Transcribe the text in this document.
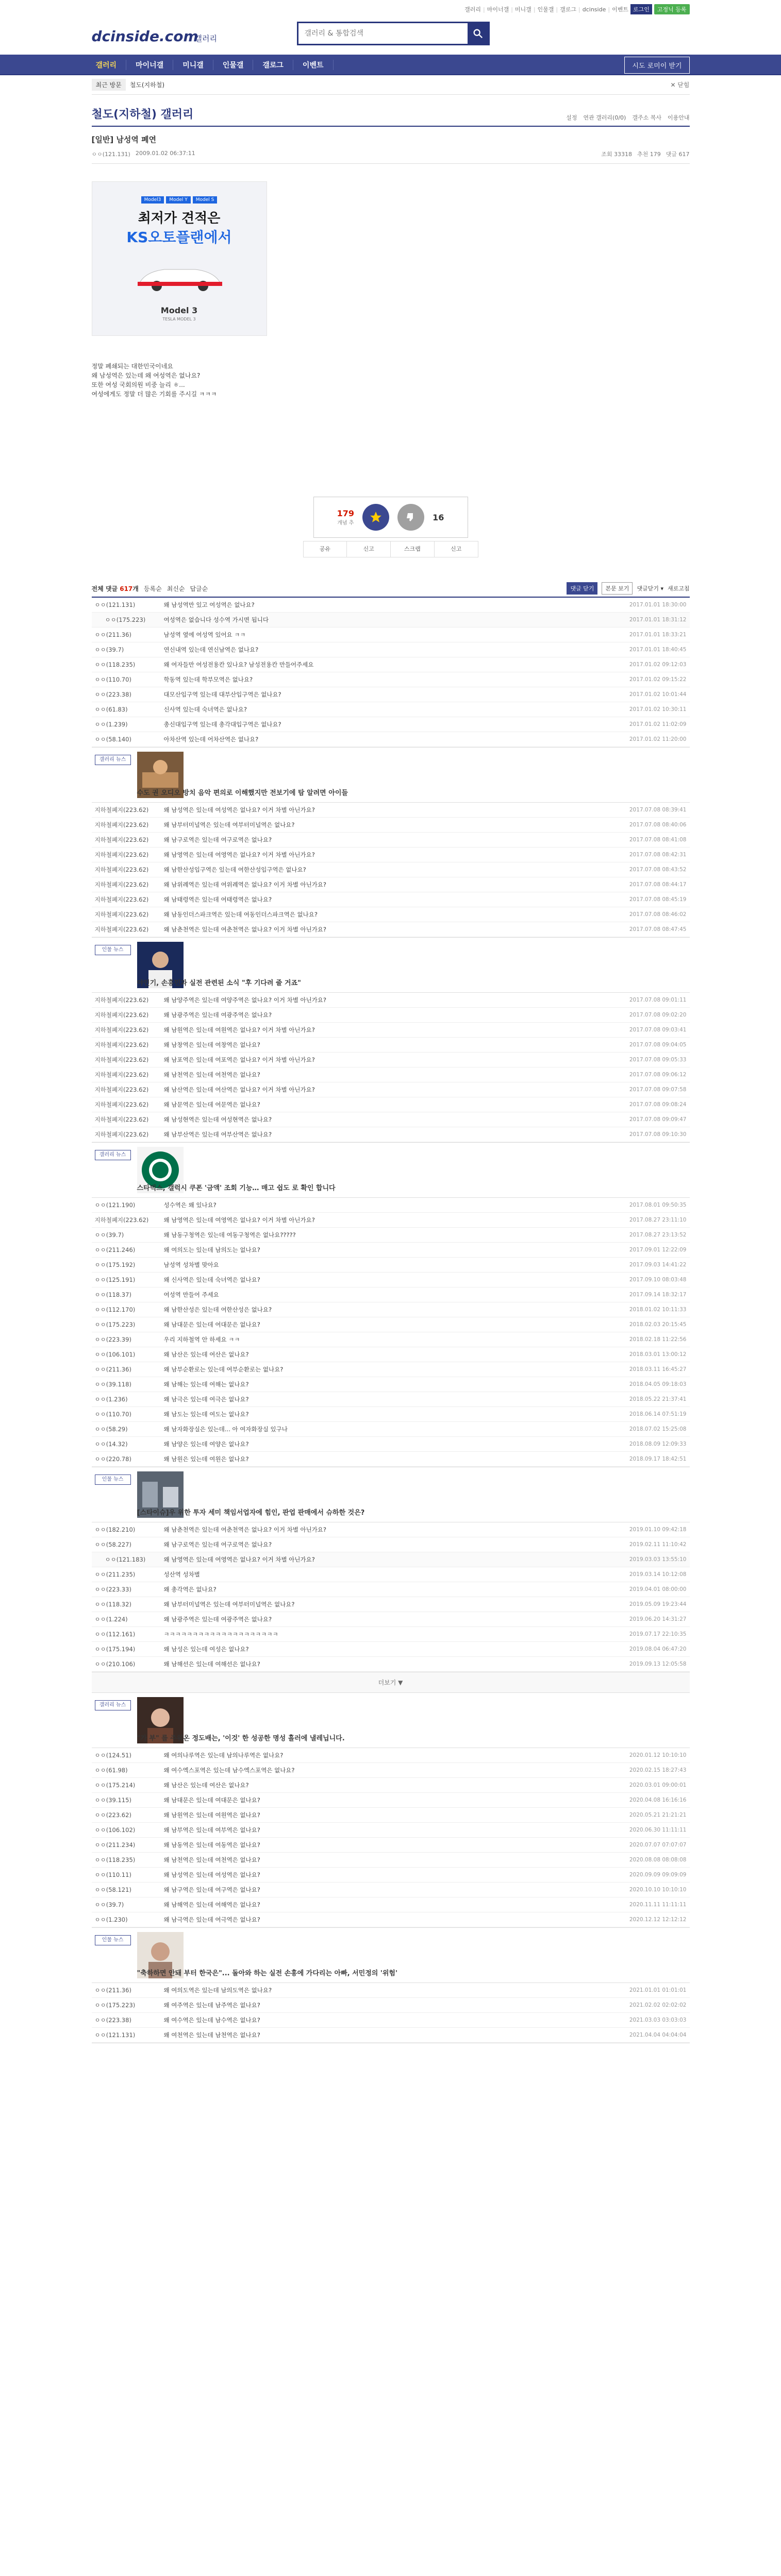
갤러리 | 마이너갤 | 미니갤 | 인물갤 | 갤로그 | dcinside | 이벤트 로그인	고정닉 등록
dcinside.com
갤러리
갤러리 & 통합검색
갤러리	마이너갤	미니갤	인물갤	갤로그	이벤트	시도 로미이 받기
최근 방문	철도(지하철)	✕ 닫힘
철도(지하철) 갤러리	설정 연관 갤러리(0/0) 갤주소 복사 이용안내
[일반] 남성역 폐연
ㅇㅇ(121.131) 2009.01.02 06:37:11	조회 33318 추천 179 댓글 617
Model3	Model Y	Model S
최저가 견적은
KS오토플랜에서
Model 3
TESLA MODEL 3
정말 폐쇄되는 대한민국이네요
왜 남성역은 있는데 왜 여성역은 없나요?
또한 여성 국회의원 비중 늘리 ㅎ...
여성에게도 정말 더 많은 기회를 주시길 ㅋㅋㅋ
179
개념 추
16
공유	신고	스크랩	신고
전체 댓글 617개 등록순 최신순 답글순	댓글 닫기	본문 보기	댓글닫기 ▾ 새로고침
ㅇㅇ(121.131)	왜 남성역만 있고 여성역은 없나요?	2017.01.01 18:30:00
ㅇㅇ(175.223)	여성역은 없습니다 성수역 가시면 됩니다	2017.01.01 18:31:12
ㅇㅇ(211.36)	남성역 옆에 여성역 있어요 ㅋㅋ	2017.01.01 18:33:21
ㅇㅇ(39.7)	연신내역 있는데 연신남역은 없나요?	2017.01.01 18:40:45
ㅇㅇ(118.235)	왜 여자들만 여성전용칸 있나요? 남성전용칸 만들어주세요	2017.01.02 09:12:03
ㅇㅇ(110.70)	학동역 있는데 학부모역은 없나요?	2017.01.02 09:15:22
ㅇㅇ(223.38)	대모산입구역 있는데 대부산입구역은 없나요?	2017.01.02 10:01:44
ㅇㅇ(61.83)	신사역 있는데 숙녀역은 없나요?	2017.01.02 10:30:11
ㅇㅇ(1.239)	총신대입구역 있는데 총각대입구역은 없나요?	2017.01.02 11:02:09
ㅇㅇ(58.140)	아차산역 있는데 어차산역은 없나요?	2017.01.02 11:20:00
갤러리 뉴스
수도 권 오디오 방치 음악 편의로 이해했지만 전보기에 탐 알려면 아이들
지하철폐지(223.62)	왜 남성역은 있는데 여성역은 없나요? 이거 차별 아닌가요?	2017.07.08 08:39:41
지하철폐지(223.62)	왜 남부터미널역은 있는데 여부터미널역은 없나요?	2017.07.08 08:40:06
지하철폐지(223.62)	왜 남구로역은 있는데 여구로역은 없나요?	2017.07.08 08:41:08
지하철폐지(223.62)	왜 남영역은 있는데 여영역은 없나요? 이거 차별 아닌가요?	2017.07.08 08:42:31
지하철폐지(223.62)	왜 남한산성입구역은 있는데 여한산성입구역은 없나요?	2017.07.08 08:43:52
지하철폐지(223.62)	왜 남위례역은 있는데 여위례역은 없나요? 이거 차별 아닌가요?	2017.07.08 08:44:17
지하철폐지(223.62)	왜 남태령역은 있는데 여태령역은 없나요?	2017.07.08 08:45:19
지하철폐지(223.62)	왜 남동인더스파크역은 있는데 여동인더스파크역은 없나요?	2017.07.08 08:46:02
지하철폐지(223.62)	왜 남춘천역은 있는데 여춘천역은 없나요? 이거 차별 아닌가요?	2017.07.08 08:47:45
인물 뉴스
야인기, 손흥민과 실전 관련된 소식 "후 기다려 줄 거죠"
지하철폐지(223.62)	왜 남양주역은 있는데 여양주역은 없나요? 이거 차별 아닌가요?	2017.07.08 09:01:11
지하철폐지(223.62)	왜 남광주역은 있는데 여광주역은 없나요?	2017.07.08 09:02:20
지하철폐지(223.62)	왜 남원역은 있는데 여원역은 없나요? 이거 차별 아닌가요?	2017.07.08 09:03:41
지하철폐지(223.62)	왜 남창역은 있는데 여창역은 없나요?	2017.07.08 09:04:05
지하철폐지(223.62)	왜 남포역은 있는데 여포역은 없나요? 이거 차별 아닌가요?	2017.07.08 09:05:33
지하철폐지(223.62)	왜 남천역은 있는데 여천역은 없나요?	2017.07.08 09:06:12
지하철폐지(223.62)	왜 남산역은 있는데 여산역은 없나요? 이거 차별 아닌가요?	2017.07.08 09:07:58
지하철폐지(223.62)	왜 남문역은 있는데 여문역은 없나요?	2017.07.08 09:08:24
지하철폐지(223.62)	왜 남성현역은 있는데 여성현역은 없나요?	2017.07.08 09:09:47
지하철폐지(223.62)	왜 남부산역은 있는데 여부산역은 없나요?	2017.07.08 09:10:30
갤러리 뉴스
스타벅스, 갤럭시 쿠폰 '금액' 조회 기능… 매고 쉽도 로 확인 합니다
ㅇㅇ(121.190)	성수역은 왜 있나요?	2017.08.01 09:50:35
지하철폐지(223.62)	왜 남영역은 있는데 여영역은 없나요? 이거 차별 아닌가요?	2017.08.27 23:11:10
ㅇㅇ(39.7)	왜 남동구청역은 있는데 여동구청역은 없나요?????	2017.08.27 23:13:52
ㅇㅇ(211.246)	왜 여의도는 있는데 남의도는 없나요?	2017.09.01 12:22:09
ㅇㅇ(175.192)	남성역 성차별 맞아요	2017.09.03 14:41:22
ㅇㅇ(125.191)	왜 신사역은 있는데 숙녀역은 없나요?	2017.09.10 08:03:48
ㅇㅇ(118.37)	여성역 만들어 주세요	2017.09.14 18:32:17
ㅇㅇ(112.170)	왜 남한산성은 있는데 여한산성은 없나요?	2018.01.02 10:11:33
ㅇㅇ(175.223)	왜 남대문은 있는데 여대문은 없나요?	2018.02.03 20:15:45
ㅇㅇ(223.39)	우리 지하철역 안 하세요 ㅋㅋ	2018.02.18 11:22:56
ㅇㅇ(106.101)	왜 남산은 있는데 여산은 없나요?	2018.03.01 13:00:12
ㅇㅇ(211.36)	왜 남부순환로는 있는데 여부순환로는 없나요?	2018.03.11 16:45:27
ㅇㅇ(39.118)	왜 남해는 있는데 여해는 없나요?	2018.04.05 09:18:03
ㅇㅇ(1.236)	왜 남극은 있는데 여극은 없나요?	2018.05.22 21:37:41
ㅇㅇ(110.70)	왜 남도는 있는데 여도는 없나요?	2018.06.14 07:51:19
ㅇㅇ(58.29)	왜 남자화장실은 있는데... 아 여자화장실 있구나	2018.07.02 15:25:08
ㅇㅇ(14.32)	왜 남양은 있는데 여양은 없나요?	2018.08.09 12:09:33
ㅇㅇ(220.78)	왜 남원은 있는데 여원은 없나요?	2018.09.17 18:42:51
인물 뉴스
[스타이슈]우 위한 투자 세미 책임서업자에 힘인, 판업 판매에서 슈하한 것은?
ㅇㅇ(182.210)	왜 남춘천역은 있는데 여춘천역은 없나요? 이거 차별 아닌가요?	2019.01.10 09:42:18
ㅇㅇ(58.227)	왜 남구로역은 있는데 여구로역은 없나요?	2019.02.11 11:10:42
ㅇㅇ(121.183)	왜 남영역은 있는데 여영역은 없나요? 이거 차별 아닌가요?	2019.03.03 13:55:10
ㅇㅇ(211.235)	성산역 성차별	2019.03.14 10:12:08
ㅇㅇ(223.33)	왜 총각역은 없나요?	2019.04.01 08:00:00
ㅇㅇ(118.32)	왜 남부터미널역은 있는데 여부터미널역은 없나요?	2019.05.09 19:23:44
ㅇㅇ(1.224)	왜 남광주역은 있는데 여광주역은 없나요?	2019.06.20 14:31:27
ㅇㅇ(112.161)	ㅋㅋㅋㅋㅋㅋㅋㅋㅋㅋㅋㅋㅋㅋㅋㅋㅋㅋㅋㅋ	2019.07.17 22:10:35
ㅇㅇ(175.194)	왜 남성은 있는데 여성은 없나요?	2019.08.04 06:47:20
ㅇㅇ(210.106)	왜 남해선은 있는데 여해선은 없나요?	2019.09.13 12:05:58
더보기 ▼
갤러리 뉴스
"가 부" 를 주워온 정도배는, '이것' 한 성공한 명성 흘러에 낼레닙니다.
ㅇㅇ(124.51)	왜 여의나루역은 있는데 남의나루역은 없나요?	2020.01.12 10:10:10
ㅇㅇ(61.98)	왜 여수엑스포역은 있는데 남수엑스포역은 없나요?	2020.02.15 18:27:43
ㅇㅇ(175.214)	왜 남산은 있는데 여산은 없나요?	2020.03.01 09:00:01
ㅇㅇ(39.115)	왜 남대문은 있는데 여대문은 없나요?	2020.04.08 16:16:16
ㅇㅇ(223.62)	왜 남원역은 있는데 여원역은 없나요?	2020.05.21 21:21:21
ㅇㅇ(106.102)	왜 남부역은 있는데 여부역은 없나요?	2020.06.30 11:11:11
ㅇㅇ(211.234)	왜 남동역은 있는데 여동역은 없나요?	2020.07.07 07:07:07
ㅇㅇ(118.235)	왜 남천역은 있는데 여천역은 없나요?	2020.08.08 08:08:08
ㅇㅇ(110.11)	왜 남성역은 있는데 여성역은 없나요?	2020.09.09 09:09:09
ㅇㅇ(58.121)	왜 남구역은 있는데 여구역은 없나요?	2020.10.10 10:10:10
ㅇㅇ(39.7)	왜 남해역은 있는데 여해역은 없나요?	2020.11.11 11:11:11
ㅇㅇ(1.230)	왜 남극역은 있는데 여극역은 없나요?	2020.12.12 12:12:12
인물 뉴스
"축하하면 안돼 부터 한국은"... 돌아와 하는 실전 손흥에 가다리는 아빠, 서민정의 '위험'
ㅇㅇ(211.36)	왜 여의도역은 있는데 남의도역은 없나요?	2021.01.01 01:01:01
ㅇㅇ(175.223)	왜 여주역은 있는데 남주역은 없나요?	2021.02.02 02:02:02
ㅇㅇ(223.38)	왜 여수역은 있는데 남수역은 없나요?	2021.03.03 03:03:03
ㅇㅇ(121.131)	왜 여천역은 있는데 남천역은 없나요?	2021.04.04 04:04:04
